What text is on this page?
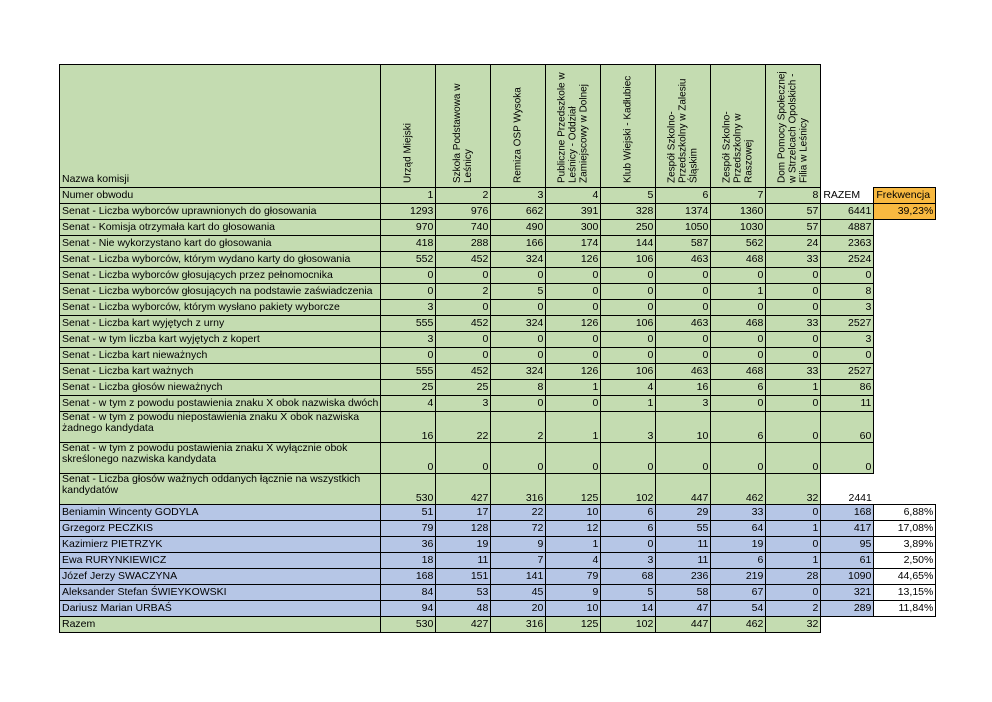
Nazwa komisji	Urząd Miejski	Szkoła Podstawowa w Leśnicy	Remiza OSP Wysoka	Publiczne Przedszkole w Leśnicy - Oddział Zamiejscowy w Dolnej	Klub Wiejski - Kadłubiec	Zespół Szkolno-Przedszkolny w Zalesiu Śląskim	Zespół Szkolno-Przedszkolny w Raszowej	Dom Pomocy Społecznej w Strzelcach Opolskich - Filia w Leśnicy		

Numer obwodu	1	2	3	4	5	6	7	8	RAZEM	Frekwencja
Senat - Liczba wyborców uprawnionych do głosowania	1293	976	662	391	328	1374	1360	57	6441	39,23%
Senat - Komisja otrzymała kart do głosowania	970	740	490	300	250	1050	1030	57	4887	
Senat - Nie wykorzystano kart do głosowania	418	288	166	174	144	587	562	24	2363	
Senat - Liczba wyborców, którym wydano karty do głosowania	552	452	324	126	106	463	468	33	2524	
Senat - Liczba wyborców głosujących przez pełnomocnika	0	0	0	0	0	0	0	0	0	
Senat - Liczba wyborców głosujących na podstawie zaświadczenia	0	2	5	0	0	0	1	0	8	
Senat - Liczba wyborców, którym wysłano pakiety wyborcze	3	0	0	0	0	0	0	0	3	
Senat - Liczba kart wyjętych z urny	555	452	324	126	106	463	468	33	2527	
Senat - w tym liczba kart wyjętych z kopert	3	0	0	0	0	0	0	0	3	
Senat - Liczba kart nieważnych	0	0	0	0	0	0	0	0	0	
Senat - Liczba kart ważnych	555	452	324	126	106	463	468	33	2527	
Senat - Liczba głosów nieważnych	25	25	8	1	4	16	6	1	86	
Senat - w tym z powodu postawienia znaku X obok nazwiska dwóch	4	3	0	0	1	3	0	0	11	
Senat - w tym z powodu niepostawienia znaku X obok nazwiska żadnego kandydata	16	22	2	1	3	10	6	0	60	
Senat - w tym z powodu postawienia znaku X wyłącznie obok skreślonego nazwiska kandydata	0	0	0	0	0	0	0	0	0	
Senat - Liczba głosów ważnych oddanych łącznie na wszystkich kandydatów	530	427	316	125	102	447	462	32	2441	
Beniamin Wincenty GODYLA	51	17	22	10	6	29	33	0	168	6,88%
Grzegorz PECZKIS	79	128	72	12	6	55	64	1	417	17,08%
Kazimierz PIETRZYK	36	19	9	1	0	11	19	0	95	3,89%
Ewa RURYNKIEWICZ	18	11	7	4	3	11	6	1	61	2,50%
Józef Jerzy SWACZYNA	168	151	141	79	68	236	219	28	1090	44,65%
Aleksander Stefan ŚWIEYKOWSKI	84	53	45	9	5	58	67	0	321	13,15%
Dariusz Marian URBAŚ	94	48	20	10	14	47	54	2	289	11,84%
Razem	530	427	316	125	102	447	462	32		
